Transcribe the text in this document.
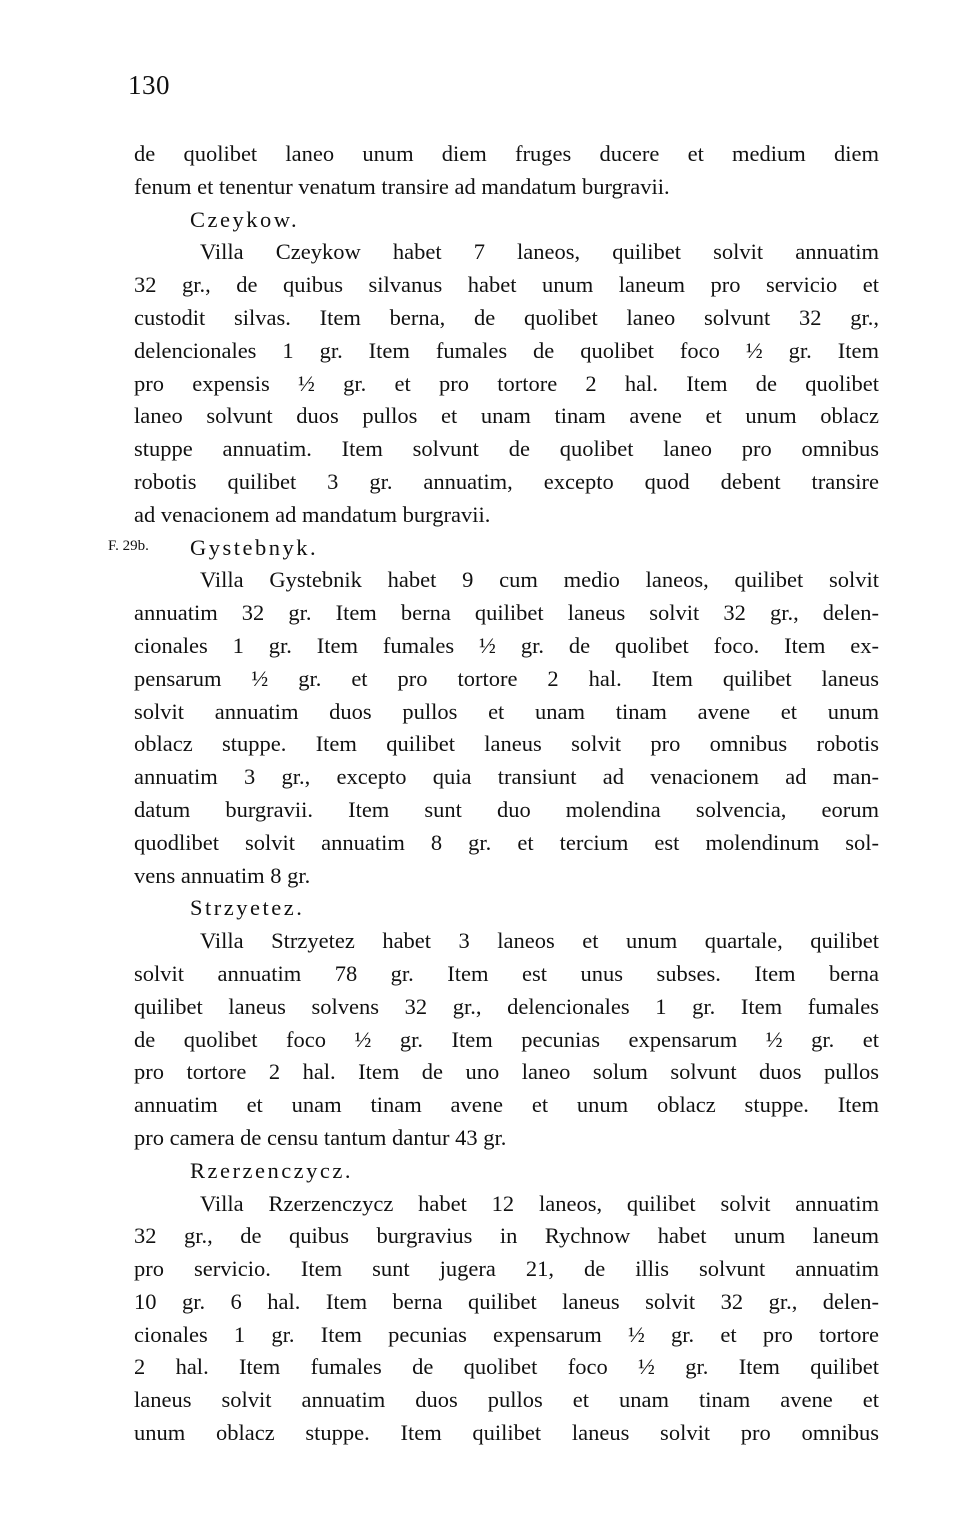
130
F. 29b.
de quolibet laneo unum diem fruges ducere et medium diem
fenum et tenentur venatum transire ad mandatum burgravii.
Czeykow.
Villa Czeykow habet 7 laneos, quilibet solvit annuatim
32 gr., de quibus silvanus habet unum laneum pro servicio et
custodit silvas. Item berna, de quolibet laneo solvunt 32 gr.,
delencionales 1 gr. Item fumales de quolibet foco ½ gr. Item
pro expensis ½ gr. et pro tortore 2 hal. Item de quolibet
laneo solvunt duos pullos et unam tinam avene et unum oblacz
stuppe annuatim. Item solvunt de quolibet laneo pro omnibus
robotis quilibet 3 gr. annuatim, excepto quod debent transire
ad venacionem ad mandatum burgravii.
Gystebnyk.
Villa Gystebnik habet 9 cum medio laneos, quilibet solvit
annuatim 32 gr. Item berna quilibet laneus solvit 32 gr., delen-
cionales 1 gr. Item fumales ½ gr. de quolibet foco. Item ex-
pensarum ½ gr. et pro tortore 2 hal. Item quilibet laneus
solvit annuatim duos pullos et unam tinam avene et unum
oblacz stuppe. Item quilibet laneus solvit pro omnibus robotis
annuatim 3 gr., excepto quia transiunt ad venacionem ad man-
datum burgravii. Item sunt duo molendina solvencia, eorum
quodlibet solvit annuatim 8 gr. et tercium est molendinum sol-
vens annuatim 8 gr.
Strzyetez.
Villa Strzyetez habet 3 laneos et unum quartale, quilibet
solvit annuatim 78 gr. Item est unus subses. Item berna
quilibet laneus solvens 32 gr., delencionales 1 gr. Item fumales
de quolibet foco ½ gr. Item pecunias expensarum ½ gr. et
pro tortore 2 hal. Item de uno laneo solum solvunt duos pullos
annuatim et unam tinam avene et unum oblacz stuppe. Item
pro camera de censu tantum dantur 43 gr.
Rzerzenczycz.
Villa Rzerzenczycz habet 12 laneos, quilibet solvit annuatim
32 gr., de quibus burgravius in Rychnow habet unum laneum
pro servicio. Item sunt jugera 21, de illis solvunt annuatim
10 gr. 6 hal. Item berna quilibet laneus solvit 32 gr., delen-
cionales 1 gr. Item pecunias expensarum ½ gr. et pro tortore
2 hal. Item fumales de quolibet foco ½ gr. Item quilibet
laneus solvit annuatim duos pullos et unam tinam avene et
unum oblacz stuppe. Item quilibet laneus solvit pro omnibus
